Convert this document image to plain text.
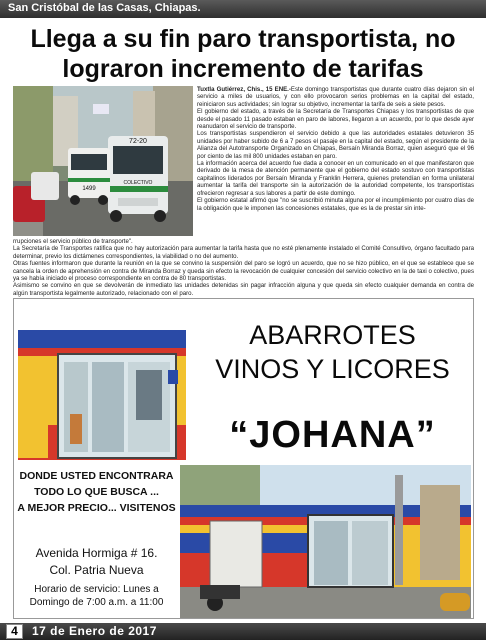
San Cristóbal de las Casas, Chiapas.
Llega a su fin paro transportista, no lograron incremento de tarifas
72-20
COLECTIVO
1499

Tuxtla Gutiérrez, Chis., 15 ENE.-Este domingo transportistas que durante cuatro días dejaron sin el servicio a miles de usuarios, y con ello provocaron serios problemas en la capital del estado, reiniciaron sus actividades; sin lograr su objetivo, incrementar la tarifa de seis a siete pesos.

El gobierno del estado, a través de la Secretaría de Transportes Chiapas y los transportistas de que desde el pasado 11 pasado estaban en paro de labores, llegaron a un acuerdo, por lo que desde ayer reanudaron el servicio de transporte.

Los transportistas suspendieron el servicio debido a que las autoridades estatales detuvieron 35 unidades por haber subido de 6 a 7 pesos el pasaje en la capital del estado, según el presidente de la Alianza del Autotransporte Organizado en Chiapas, Bersaín Miranda Borraz, quien aseguró que el 96 por ciento de las mil 800 unidades estaban en paro.

La información acerca del acuerdo fue dada a conocer en un comunicado en el que manifestaron que derivado de la mesa de atención permanente que el gobierno del estado sostuvo con transportistas capitalinos liderados por Bersaín Miranda y Franklin Herrera, quienes pretendían en forma unilateral aumentar la tarifa del transporte sin la autorización de la autoridad competente, los transportistas ofrecieron regresar a sus labores a partir de este domingo.

El gobierno estatal afirmó que "no se suscribió minuta alguna por el incumplimiento por cuatro días de la obligación que le imponen las concesiones estatales, que es la de prestar sin inte-

rrupciones el servicio público de transporte".

La Secretaría de Transportes ratifica que no hay autorización para aumentar la tarifa hasta que no esté plenamente instalado el Comité Consultivo, órgano facultado para determinar, previo los dictámenes correspondientes, la viabilidad o no del aumento.

Otras fuentes informaron que durante la reunión en la que se convino la suspensión del paro se logró un acuerdo, que no se hizo público, en el que se establece que se cancela la orden de aprehensión en contra de Miranda Borraz y queda sin efecto la revocación de cualquier concesión del servicio colectivo en la de taxi o colectivo, pues ya se había iniciado el proceso correspondiente en contra de 80 transportistas.

Asimismo se convino en que se devolverán de inmediato las unidades detenidas sin pagar infracción alguna y que queda sin efecto cualquier demanda en contra de algún transportista legalmente autorizado, relacionado con el paro.

ABARROTES
VINOS Y LICORES
“JOHANA”
DONDE USTED ENCONTRARA
TODO LO QUE BUSCA ...
A MEJOR PRECIO... VISITENOS
Avenida Hormiga # 16.
Col. Patria Nueva
Horario de servicio: Lunes a
Domingo de 7:00 a.m. a 11:00
4	17 de Enero de 2017
